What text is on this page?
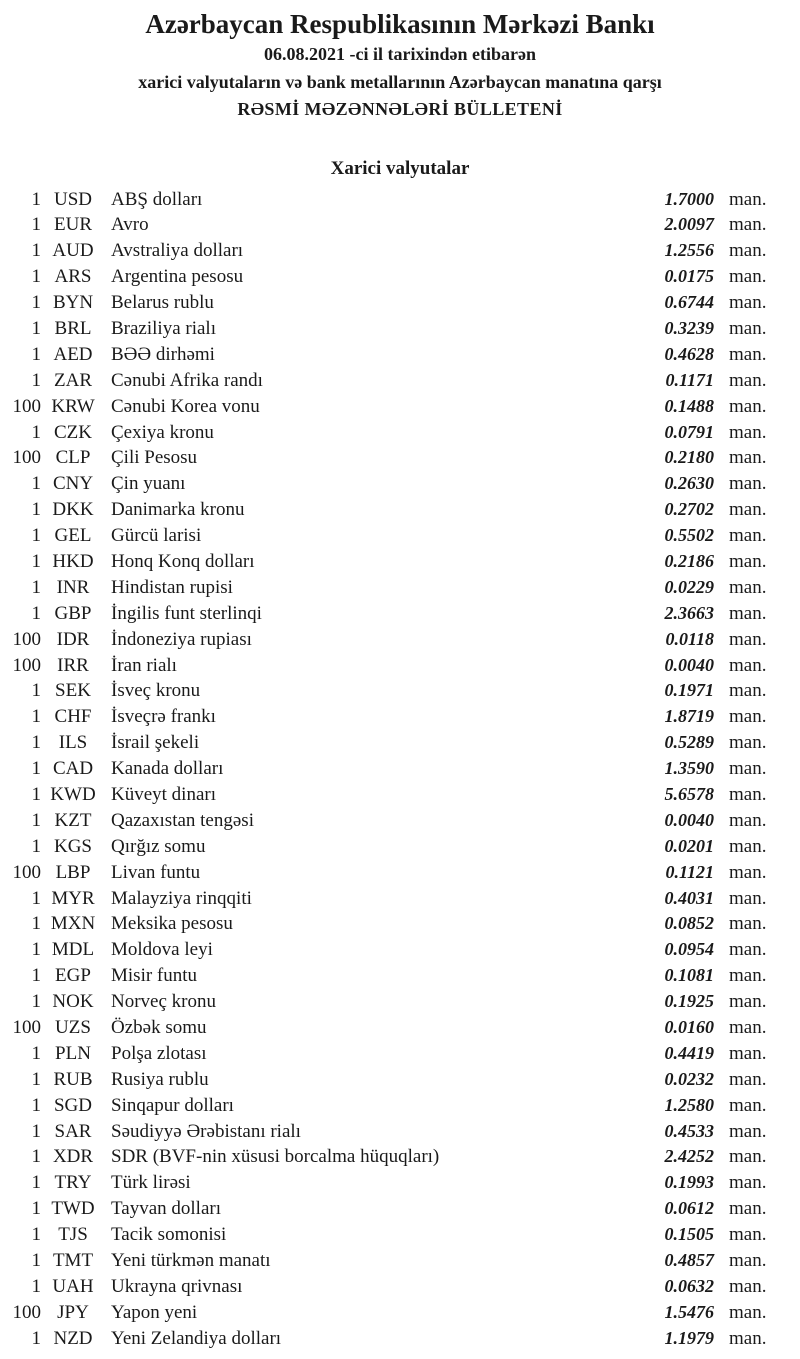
Azərbaycan Respublikasının Mərkəzi Bankı
06.08.2021 -ci il tarixindən etibarən
xarici valyutaların və bank metallarının Azərbaycan manatına qarşı
RƏSMİ MƏZƏNNƏLƏRİ BÜLLETENİ
Xarici valyutalar
1 USD	ABŞ dolları	1.7000 man.
1 EUR	Avro	2.0097 man.
1 AUD Avstraliya dolları	1.2556 man.
1 ARS	Argentina pesosu	0.0175 man.
1 BYN Belarus rublu	0.6744 man.
1 BRL	Braziliya rialı	0.3239 man.
1 AED BƏƏ dirhəmi	0.4628 man.
1 ZAR	Cənubi Afrika randı	0.1171 man.
100 KRW Cənubi Korea vonu	0.1488 man.
1 CZK	Çexiya kronu	0.0791 man.
100 CLP	Çili Pesosu	0.2180 man.
1 CNY Çin yuanı	0.2630 man.
1 DKK Danimarka kronu	0.2702 man.
1 GEL	Gürcü larisi	0.5502 man.
1 HKD Honq Konq dolları	0.2186 man.
1 INR	Hindistan rupisi	0.0229 man.
1 GBP	İngilis funt sterlinqi	2.3663 man.
100 IDR	İndoneziya rupiası	0.0118 man.
100 IRR	İran rialı	0.0040 man.
1 SEK	İsveç kronu	0.1971 man.
1 CHF	İsveçrə frankı	1.8719 man.
1 ILS	İsrail şekeli	0.5289 man.
1 CAD Kanada dolları	1.3590 man.
1 KWD Küveyt dinarı	5.6578 man.
1 KZT	Qazaxıstan tengəsi	0.0040 man.
1 KGS	Qırğız somu	0.0201 man.
100 LBP	Livan funtu	0.1121 man.
1 MYR Malayziya rinqqiti	0.4031 man.
1 MXN Meksika pesosu	0.0852 man.
1 MDL Moldova leyi	0.0954 man.
1 EGP	Misir funtu	0.1081 man.
1 NOK Norveç kronu	0.1925 man.
100 UZS	Özbək somu	0.0160 man.
1 PLN	Polşa zlotası	0.4419 man.
1 RUB Rusiya rublu	0.0232 man.
1 SGD	Sinqapur dolları	1.2580 man.
1 SAR	Səudiyyə Ərəbistanı rialı	0.4533 man.
1 XDR SDR (BVF-nin xüsusi borcalma hüquqları)	2.4252 man.
1 TRY	Türk lirəsi	0.1993 man.
1 TWD Tayvan dolları	0.0612 man.
1 TJS	Tacik somonisi	0.1505 man.
1 TMT Yeni türkmən manatı	0.4857 man.
1 UAH Ukrayna qrivnası	0.0632 man.
100 JPY	Yapon yeni	1.5476 man.
1 NZD Yeni Zelandiya dolları	1.1979 man.
